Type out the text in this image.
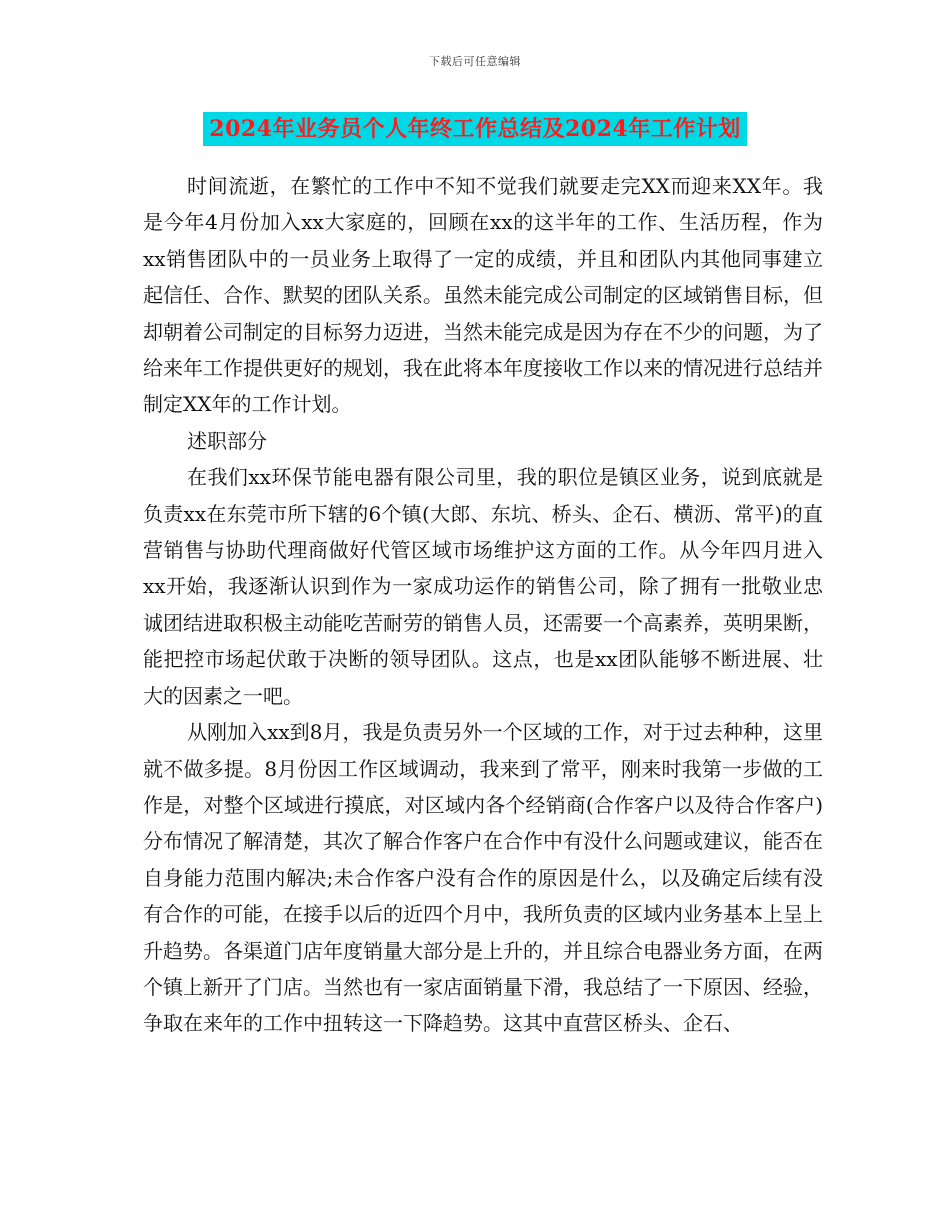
下载后可任意编辑
2024年业务员个人年终工作总结及2024年工作计划

时间流逝，在繁忙的工作中不知不觉我们就要走完XX而迎来XX年。我是今年4月份加入xx大家庭的，回顾在xx的这半年的工作、生活历程，作为xx销售团队中的一员业务上取得了一定的成绩，并且和团队内其他同事建立起信任、合作、默契的团队关系。虽然未能完成公司制定的区域销售目标，但却朝着公司制定的目标努力迈进，当然未能完成是因为存在不少的问题，为了给来年工作提供更好的规划，我在此将本年度接收工作以来的情况进行总结并制定XX年的工作计划。

述职部分

在我们xx环保节能电器有限公司里，我的职位是镇区业务，说到底就是负责xx在东莞市所下辖的6个镇(大郎、东坑、桥头、企石、横沥、常平)的直营销售与协助代理商做好代管区域市场维护这方面的工作。从今年四月进入xx开始，我逐渐认识到作为一家成功运作的销售公司，除了拥有一批敬业忠诚团结进取积极主动能吃苦耐劳的销售人员，还需要一个高素养，英明果断，能把控市场起伏敢于决断的领导团队。这点，也是xx团队能够不断进展、壮大的因素之一吧。

从刚加入xx到8月，我是负责另外一个区域的工作，对于过去种种，这里就不做多提。8月份因工作区域调动，我来到了常平，刚来时我第一步做的工作是，对整个区域进行摸底，对区域内各个经销商(合作客户以及待合作客户)分布情况了解清楚，其次了解合作客户在合作中有没什么问题或建议，能否在自身能力范围内解决;未合作客户没有合作的原因是什么，以及确定后续有没有合作的可能，在接手以后的近四个月中，我所负责的区域内业务基本上呈上升趋势。各渠道门店年度销量大部分是上升的，并且综合电器业务方面，在两个镇上新开了门店。当然也有一家店面销量下滑，我总结了一下原因、经验，争取在来年的工作中扭转这一下降趋势。这其中直营区桥头、企石、
